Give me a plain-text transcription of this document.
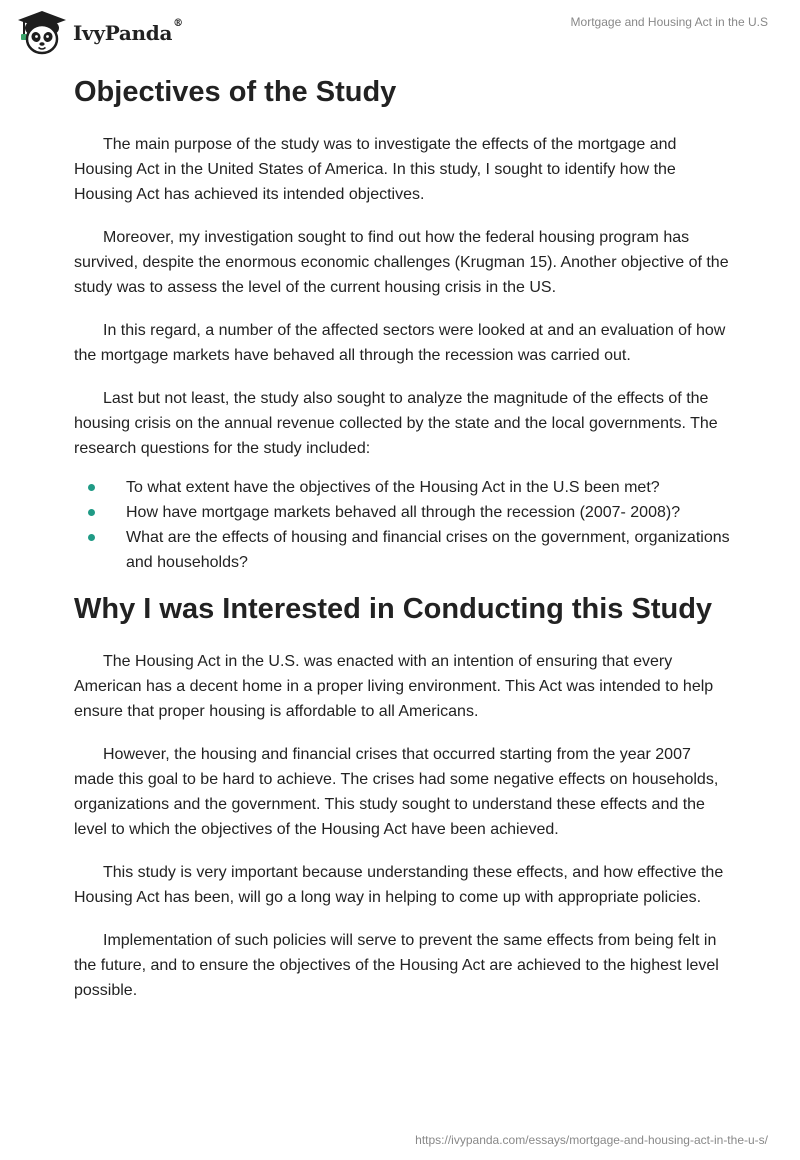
IvyPanda®	Mortgage and Housing Act in the U.S
Objectives of the Study

The main purpose of the study was to investigate the effects of the mortgage and Housing Act in the United States of America. In this study, I sought to identify how the Housing Act has achieved its intended objectives.

Moreover, my investigation sought to find out how the federal housing program has survived, despite the enormous economic challenges (Krugman 15). Another objective of the study was to assess the level of the current housing crisis in the US.

In this regard, a number of the affected sectors were looked at and an evaluation of how the mortgage markets have behaved all through the recession was carried out.

Last but not least, the study also sought to analyze the magnitude of the effects of the housing crisis on the annual revenue collected by the state and the local governments. The research questions for the study included:

To what extent have the objectives of the Housing Act in the U.S been met?
How have mortgage markets behaved all through the recession (2007- 2008)?
What are the effects of housing and financial crises on the government, organizations and households?
Why I was Interested in Conducting this Study

The Housing Act in the U.S. was enacted with an intention of ensuring that every American has a decent home in a proper living environment. This Act was intended to help ensure that proper housing is affordable to all Americans.

However, the housing and financial crises that occurred starting from the year 2007 made this goal to be hard to achieve. The crises had some negative effects on households, organizations and the government. This study sought to understand these effects and the level to which the objectives of the Housing Act have been achieved.

This study is very important because understanding these effects, and how effective the Housing Act has been, will go a long way in helping to come up with appropriate policies.

Implementation of such policies will serve to prevent the same effects from being felt in the future, and to ensure the objectives of the Housing Act are achieved to the highest level possible.

https://ivypanda.com/essays/mortgage-and-housing-act-in-the-u-s/
